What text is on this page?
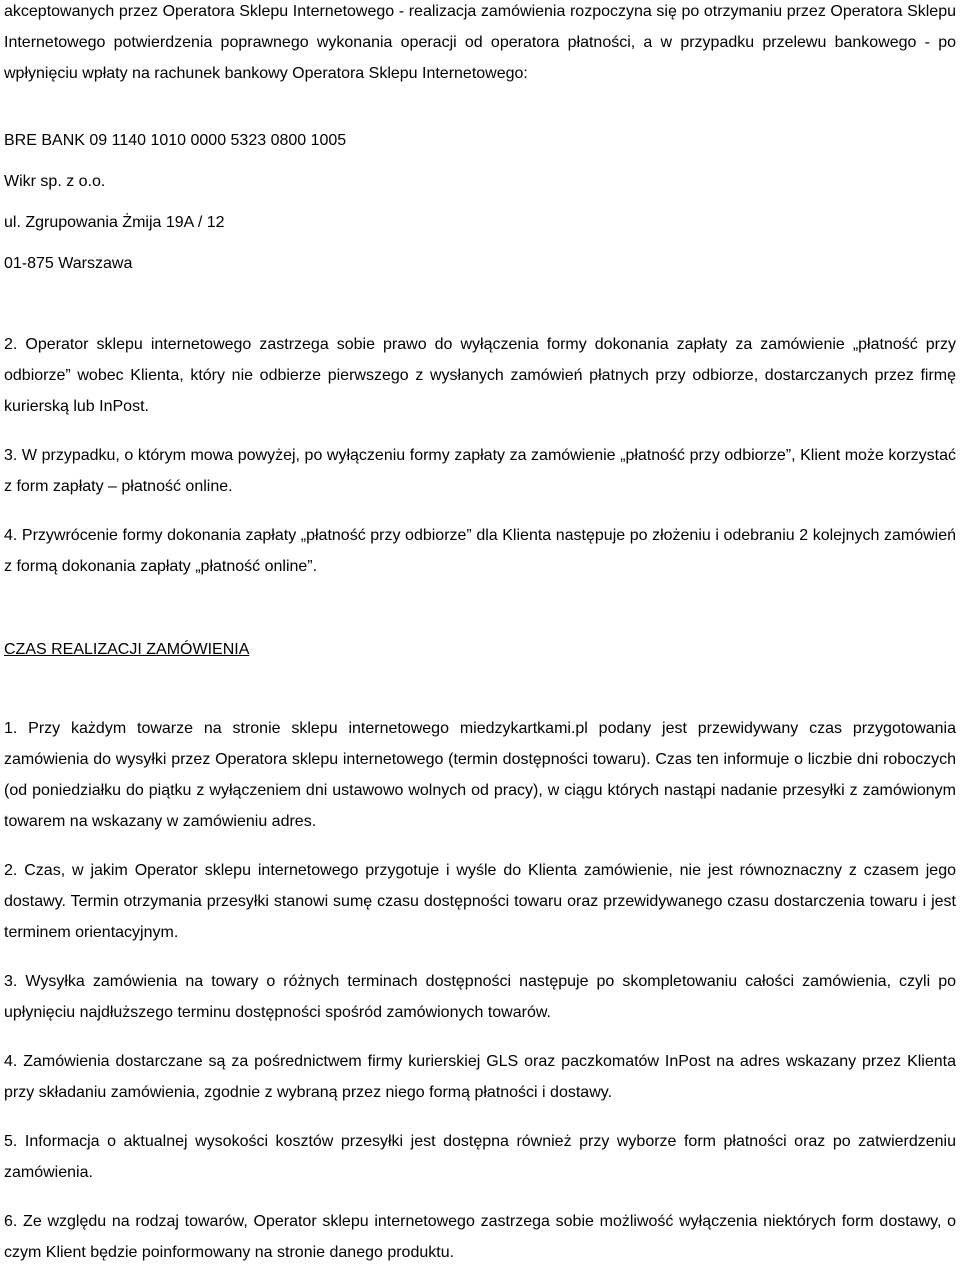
akceptowanych przez Operatora Sklepu Internetowego - realizacja zamówienia rozpoczyna się po otrzymaniu przez Operatora Sklepu Internetowego potwierdzenia poprawnego wykonania operacji od operatora płatności, a w przypadku przelewu bankowego - po wpłynięciu wpłaty na rachunek bankowy Operatora Sklepu Internetowego:

BRE BANK 09 1140 1010 0000 5323 0800 1005

Wikr sp. z o.o.

ul. Zgrupowania Żmija 19A / 12

01-875 Warszawa

2. Operator sklepu internetowego zastrzega sobie prawo do wyłączenia formy dokonania zapłaty za zamówienie „płatność przy odbiorze” wobec Klienta, który nie odbierze pierwszego z wysłanych zamówień płatnych przy odbiorze, dostarczanych przez firmę kurierską lub InPost.

3. W przypadku, o którym mowa powyżej, po wyłączeniu formy zapłaty za zamówienie „płatność przy odbiorze”, Klient może korzystać z form zapłaty – płatność online.

4. Przywrócenie formy dokonania zapłaty „płatność przy odbiorze” dla Klienta następuje po złożeniu i odebraniu 2 kolejnych zamówień z formą dokonania zapłaty „płatność online”.

CZAS REALIZACJI ZAMÓWIENIA

1. Przy każdym towarze na stronie sklepu internetowego miedzykartkami.pl podany jest przewidywany czas przygotowania zamówienia do wysyłki przez Operatora sklepu internetowego (termin dostępności towaru). Czas ten informuje o liczbie dni roboczych (od poniedziałku do piątku z wyłączeniem dni ustawowo wolnych od pracy), w ciągu których nastąpi nadanie przesyłki z zamówionym towarem na wskazany w zamówieniu adres.

2. Czas, w jakim Operator sklepu internetowego przygotuje i wyśle do Klienta zamówienie, nie jest równoznaczny z czasem jego dostawy. Termin otrzymania przesyłki stanowi sumę czasu dostępności towaru oraz przewidywanego czasu dostarczenia towaru i jest terminem orientacyjnym.

3. Wysyłka zamówienia na towary o różnych terminach dostępności następuje po skompletowaniu całości zamówienia, czyli po upłynięciu najdłuższego terminu dostępności spośród zamówionych towarów.

4. Zamówienia dostarczane są za pośrednictwem firmy kurierskiej GLS oraz paczkomatów InPost na adres wskazany przez Klienta przy składaniu zamówienia, zgodnie z wybraną przez niego formą płatności i dostawy.

5. Informacja o aktualnej wysokości kosztów przesyłki jest dostępna również przy wyborze form płatności oraz po zatwierdzeniu zamówienia.

6. Ze względu na rodzaj towarów, Operator sklepu internetowego zastrzega sobie możliwość wyłączenia niektórych form dostawy, o czym Klient będzie poinformowany na stronie danego produktu.
